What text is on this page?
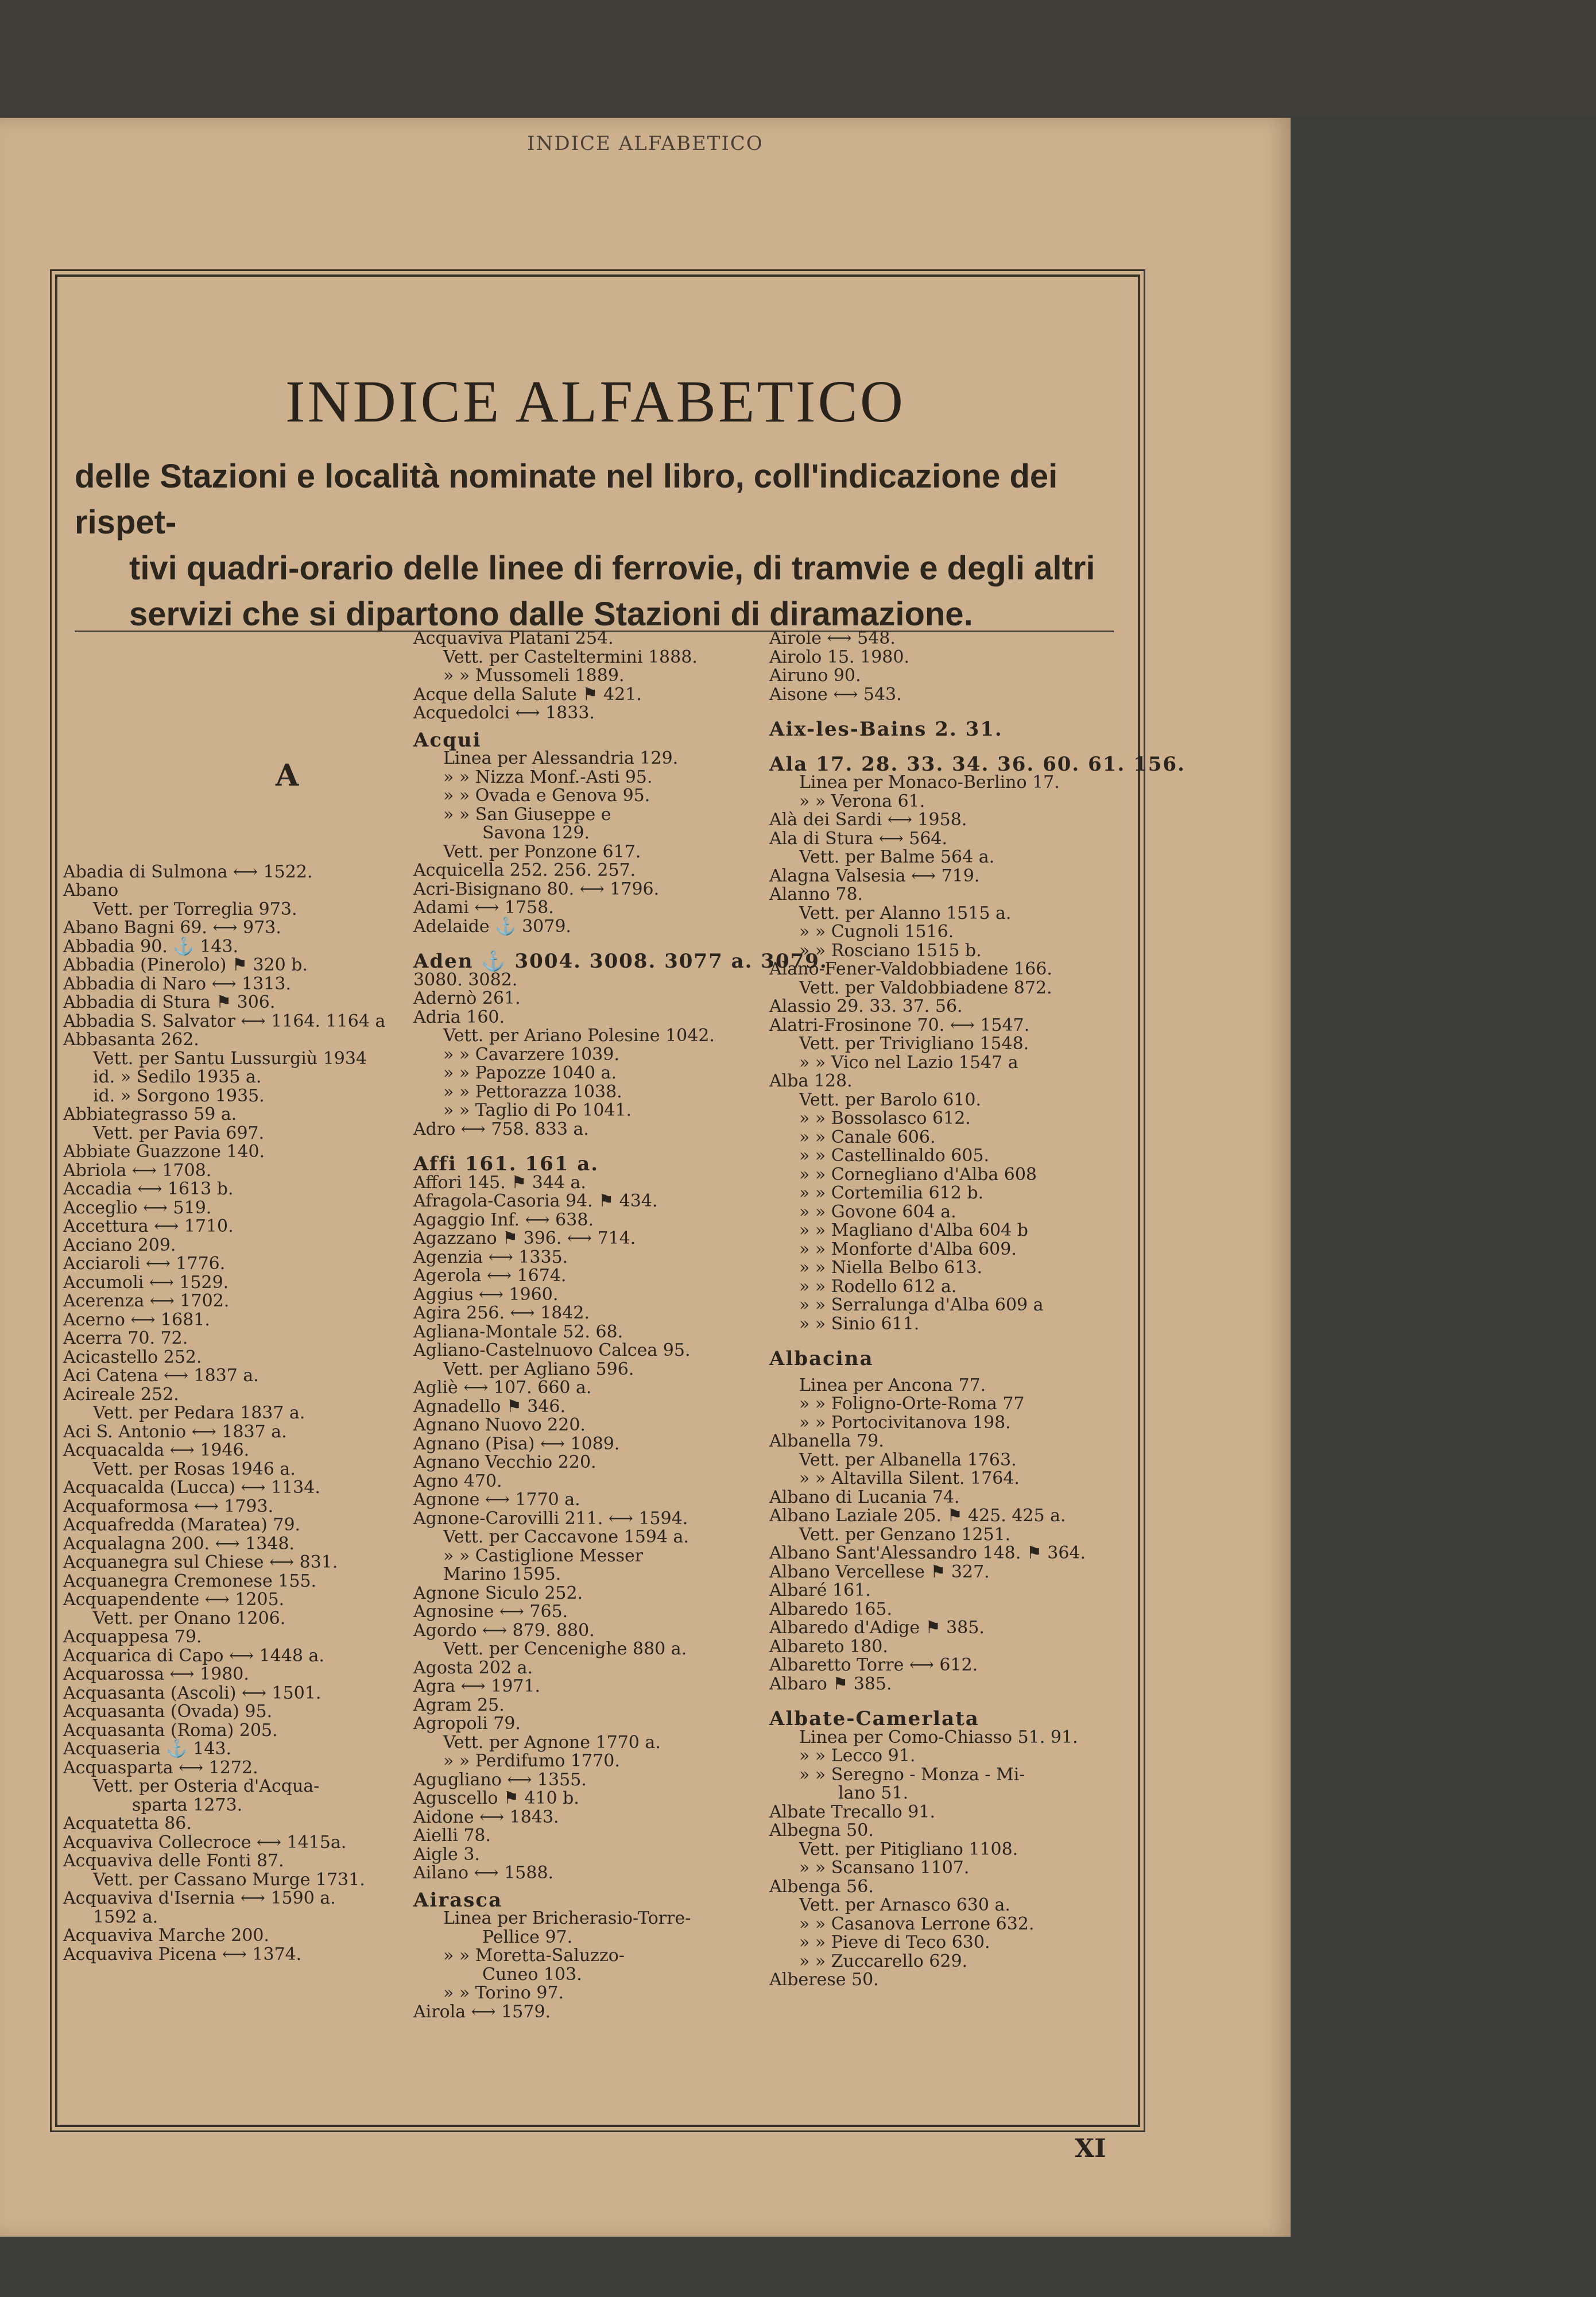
INDICE ALFABETICO
INDICE ALFABETICO
delle Stazioni e località nominate nel libro, coll'indicazione dei rispet-
tivi quadri-orario delle linee di ferrovie, di tramvie e degli altri
servizi che si dipartono dalle Stazioni di diramazione.
A
Abadia di Sulmona ⟷ 1522.
Abano
Vett. per Torreglia 973.
Abano Bagni 69. ⟷ 973.
Abbadia 90. ⚓ 143.
Abbadia (Pinerolo) ⚑ 320 b.
Abbadia di Naro ⟷ 1313.
Abbadia di Stura ⚑ 306.
Abbadia S. Salvator ⟷ 1164. 1164 a
Abbasanta 262.
Vett. per Santu Lussurgiù 1934
id. » Sedilo 1935 a.
id. » Sorgono 1935.
Abbiategrasso 59 a.
Vett. per Pavia 697.
Abbiate Guazzone 140.
Abriola ⟷ 1708.
Accadia ⟷ 1613 b.
Acceglio ⟷ 519.
Accettura ⟷ 1710.
Acciano 209.
Acciaroli ⟷ 1776.
Accumoli ⟷ 1529.
Acerenza ⟷ 1702.
Acerno ⟷ 1681.
Acerra 70. 72.
Acicastello 252.
Aci Catena ⟷ 1837 a.
Acireale 252.
Vett. per Pedara 1837 a.
Aci S. Antonio ⟷ 1837 a.
Acquacalda ⟷ 1946.
Vett. per Rosas 1946 a.
Acquacalda (Lucca) ⟷ 1134.
Acquaformosa ⟷ 1793.
Acquafredda (Maratea) 79.
Acqualagna 200. ⟷ 1348.
Acquanegra sul Chiese ⟷ 831.
Acquanegra Cremonese 155.
Acquapendente ⟷ 1205.
Vett. per Onano 1206.
Acquappesa 79.
Acquarica di Capo ⟷ 1448 a.
Acquarossa ⟷ 1980.
Acquasanta (Ascoli) ⟷ 1501.
Acquasanta (Ovada) 95.
Acquasanta (Roma) 205.
Acquaseria ⚓ 143.
Acquasparta ⟷ 1272.
Vett. per Osteria d'Acqua-
sparta 1273.
Acquatetta 86.
Acquaviva Collecroce ⟷ 1415a.
Acquaviva delle Fonti 87.
Vett. per Cassano Murge 1731.
Acquaviva d'Isernia ⟷ 1590 a.
1592 a.
Acquaviva Marche 200.
Acquaviva Picena ⟷ 1374.
Acquaviva Platani 254.
Vett. per Casteltermini 1888.
» » Mussomeli 1889.
Acque della Salute ⚑ 421.
Acquedolci ⟷ 1833.
Acqui
Linea per Alessandria 129.
» » Nizza Monf.-Asti 95.
» » Ovada e Genova 95.
» » San Giuseppe e
Savona 129.
Vett. per Ponzone 617.
Acquicella 252. 256. 257.
Acri-Bisignano 80. ⟷ 1796.
Adami ⟷ 1758.
Adelaide ⚓ 3079.
Aden ⚓ 3004. 3008. 3077 a. 3079.
3080. 3082.
Adernò 261.
Adria 160.
Vett. per Ariano Polesine 1042.
» » Cavarzere 1039.
» » Papozze 1040 a.
» » Pettorazza 1038.
» » Taglio di Po 1041.
Adro ⟷ 758. 833 a.
Affi 161. 161 a.
Affori 145. ⚑ 344 a.
Afragola-Casoria 94. ⚑ 434.
Agaggio Inf. ⟷ 638.
Agazzano ⚑ 396. ⟷ 714.
Agenzia ⟷ 1335.
Agerola ⟷ 1674.
Aggius ⟷ 1960.
Agira 256. ⟷ 1842.
Agliana-Montale 52. 68.
Agliano-Castelnuovo Calcea 95.
Vett. per Agliano 596.
Agliè ⟷ 107. 660 a.
Agnadello ⚑ 346.
Agnano Nuovo 220.
Agnano (Pisa) ⟷ 1089.
Agnano Vecchio 220.
Agno 470.
Agnone ⟷ 1770 a.
Agnone-Carovilli 211. ⟷ 1594.
Vett. per Caccavone 1594 a.
» » Castiglione Messer
Marino 1595.
Agnone Siculo 252.
Agnosine ⟷ 765.
Agordo ⟷ 879. 880.
Vett. per Cencenighe 880 a.
Agosta 202 a.
Agra ⟷ 1971.
Agram 25.
Agropoli 79.
Vett. per Agnone 1770 a.
» » Perdifumo 1770.
Agugliano ⟷ 1355.
Aguscello ⚑ 410 b.
Aidone ⟷ 1843.
Aielli 78.
Aigle 3.
Ailano ⟷ 1588.
Airasca
Linea per Bricherasio-Torre-
Pellice 97.
» » Moretta-Saluzzo-
Cuneo 103.
» » Torino 97.
Airola ⟷ 1579.
Airole ⟷ 548.
Airolo 15. 1980.
Airuno 90.
Aisone ⟷ 543.
Aix-les-Bains 2. 31.
Ala 17. 28. 33. 34. 36. 60. 61. 156.
Linea per Monaco-Berlino 17.
» » Verona 61.
Alà dei Sardi ⟷ 1958.
Ala di Stura ⟷ 564.
Vett. per Balme 564 a.
Alagna Valsesia ⟷ 719.
Alanno 78.
Vett. per Alanno 1515 a.
» » Cugnoli 1516.
» » Rosciano 1515 b.
Alano-Fener-Valdobbiadene 166.
Vett. per Valdobbiadene 872.
Alassio 29. 33. 37. 56.
Alatri-Frosinone 70. ⟷ 1547.
Vett. per Trivigliano 1548.
» » Vico nel Lazio 1547 a
Alba 128.
Vett. per Barolo 610.
» » Bossolasco 612.
» » Canale 606.
» » Castellinaldo 605.
» » Cornegliano d'Alba 608
» » Cortemilia 612 b.
» » Govone 604 a.
» » Magliano d'Alba 604 b
» » Monforte d'Alba 609.
» » Niella Belbo 613.
» » Rodello 612 a.
» » Serralunga d'Alba 609 a
» » Sinio 611.
Albacina
Linea per Ancona 77.
» » Foligno-Orte-Roma 77
» » Portocivitanova 198.
Albanella 79.
Vett. per Albanella 1763.
» » Altavilla Silent. 1764.
Albano di Lucania 74.
Albano Laziale 205. ⚑ 425. 425 a.
Vett. per Genzano 1251.
Albano Sant'Alessandro 148. ⚑ 364.
Albano Vercellese ⚑ 327.
Albaré 161.
Albaredo 165.
Albaredo d'Adige ⚑ 385.
Albareto 180.
Albaretto Torre ⟷ 612.
Albaro ⚑ 385.
Albate-Camerlata
Linea per Como-Chiasso 51. 91.
» » Lecco 91.
» » Seregno - Monza - Mi-
lano 51.
Albate Trecallo 91.
Albegna 50.
Vett. per Pitigliano 1108.
» » Scansano 1107.
Albenga 56.
Vett. per Arnasco 630 a.
» » Casanova Lerrone 632.
» » Pieve di Teco 630.
» » Zuccarello 629.
Alberese 50.
XI
